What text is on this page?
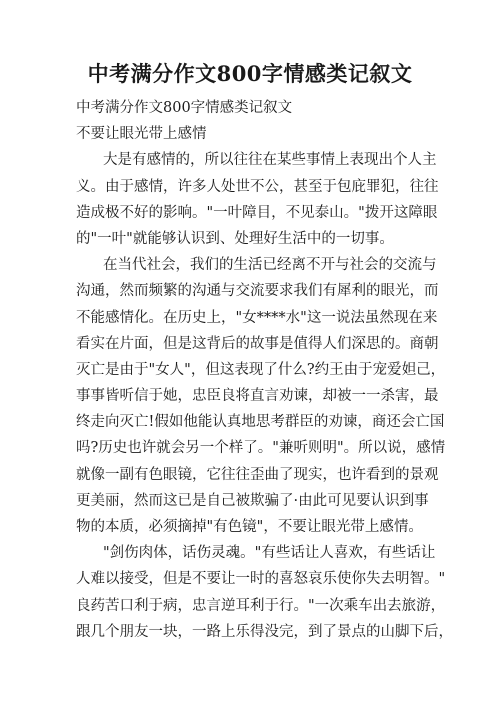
中考满分作文800字情感类记叙文
中考满分作文800字情感类记叙文
不要让眼光带上感情
大是有感情的，所以往往在某些事情上表现出个人主
义。由于感情，许多人处世不公，甚至于包庇罪犯，往往
造成极不好的影响。"一叶障目，不见泰山。"拨开这障眼
的"一叶"就能够认识到、处理好生活中的一切事。
在当代社会，我们的生活已经离不开与社会的交流与
沟通，然而频繁的沟通与交流要求我们有犀利的眼光，而
不能感情化。在历史上，"女****水"这一说法虽然现在来
看实在片面，但是这背后的故事是值得人们深思的。商朝
灭亡是由于"女人"，但这表现了什么?约王由于宠爱妲己，
事事皆听信于她，忠臣良将直言劝谏，却被一一杀害，最
终走向灭亡!假如他能认真地思考群臣的劝谏，商还会亡国
吗?历史也许就会另一个样了。"兼听则明"。所以说，感情
就像一副有色眼镜，它往往歪曲了现实，也许看到的景观
更美丽，然而这已是自己被欺骗了·由此可见要认识到事
物的本质，必须摘掉"有色镜"，不要让眼光带上感情。
"剑伤肉体，话伤灵魂。"有些话让人喜欢，有些话让
人难以接受，但是不要让一时的喜怒哀乐使你失去明智。"
良药苦口利于病，忠言逆耳利于行。"一次乘车出去旅游，
跟几个朋友一块，一路上乐得没完，到了景点的山脚下后，
